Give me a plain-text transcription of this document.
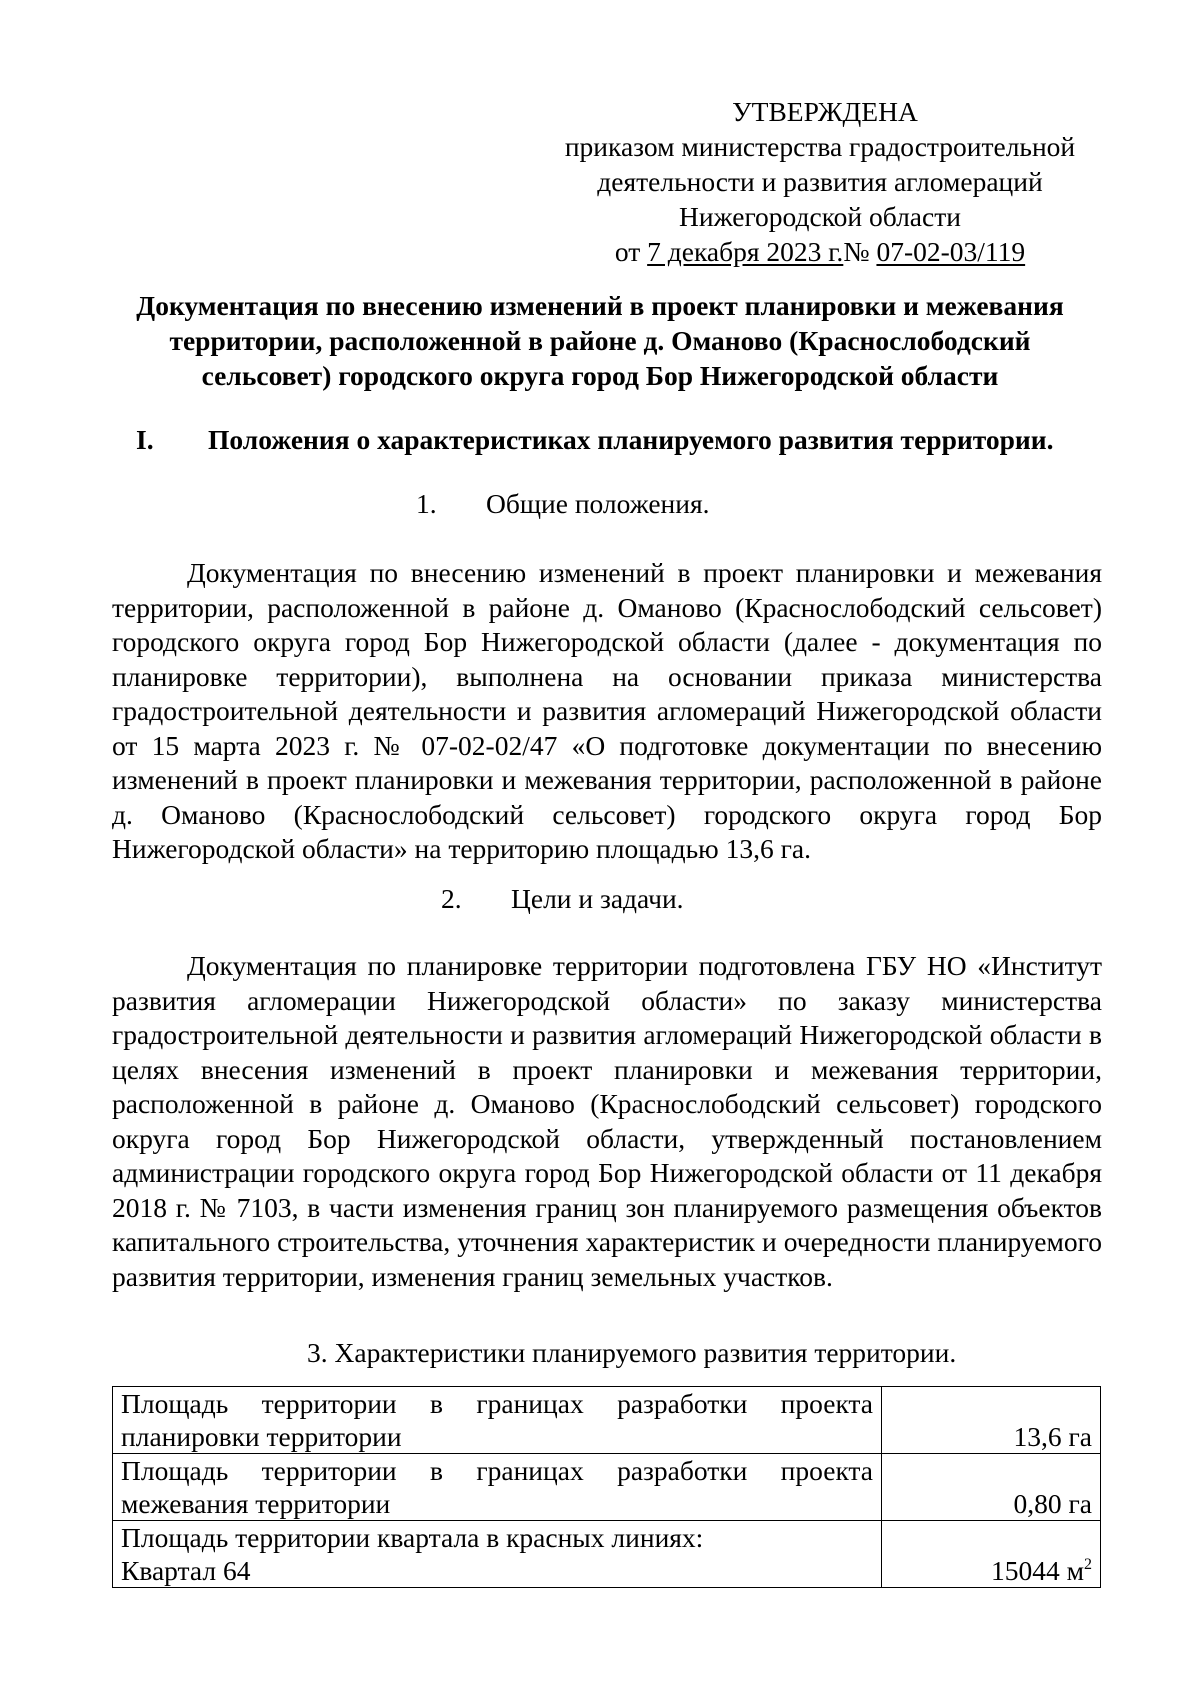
УТВЕРЖДЕНА
приказом министерства градостроительной
деятельности и развития агломераций
Нижегородской области
от 7 декабря 2023 г.№ 07-02-03/119
Документация по внесению изменений в проект планировки и межевания
территории, расположенной в районе д. Омановo (Краснослободский
сельсовет) городского округа город Бор Нижегородской области
I. Положения о характеристиках планируемого развития территории.
1. Общие положения.
Документация по внесению изменений в проект планировки и межевания территории, расположенной в районе д. Оманово (Краснослободский сельсовет) городского округа город Бор Нижегородской области (далее - документация по планировке территории), выполнена на основании приказа министерства градостроительной деятельности и развития агломераций Нижегородской области от 15 марта 2023 г. № 07-02-02/47 «О подготовке документации по внесению изменений в проект планировки и межевания территории, расположенной в районе д. Оманово (Краснослободский сельсовет) городского округа город Бор Нижегородской области» на территорию площадью 13,6 га.
2. Цели и задачи.
Документация по планировке территории подготовлена ГБУ НО «Институт развития агломерации Нижегородской области» по заказу министерства градостроительной деятельности и развития агломераций Нижегородской области в целях внесения изменений в проект планировки и межевания территории, расположенной в районе д. Оманово (Краснослободский сельсовет) городского округа город Бор Нижегородской области, утвержденный постановлением администрации городского округа город Бор Нижегородской области от 11 декабря 2018 г. № 7103, в части изменения границ зон планируемого размещения объектов капитального строительства, уточнения характеристик и очередности планируемого развития территории, изменения границ земельных участков.
3. Характеристики планируемого развития территории.
Площадь территории в границах разработки проекта
планировки территории	13,6 га

Площадь территории в границах разработки проекта
межевания территории	0,80 га

Площадь территории квартала в красных линиях:
Квартал 64	15044 $м^2$
